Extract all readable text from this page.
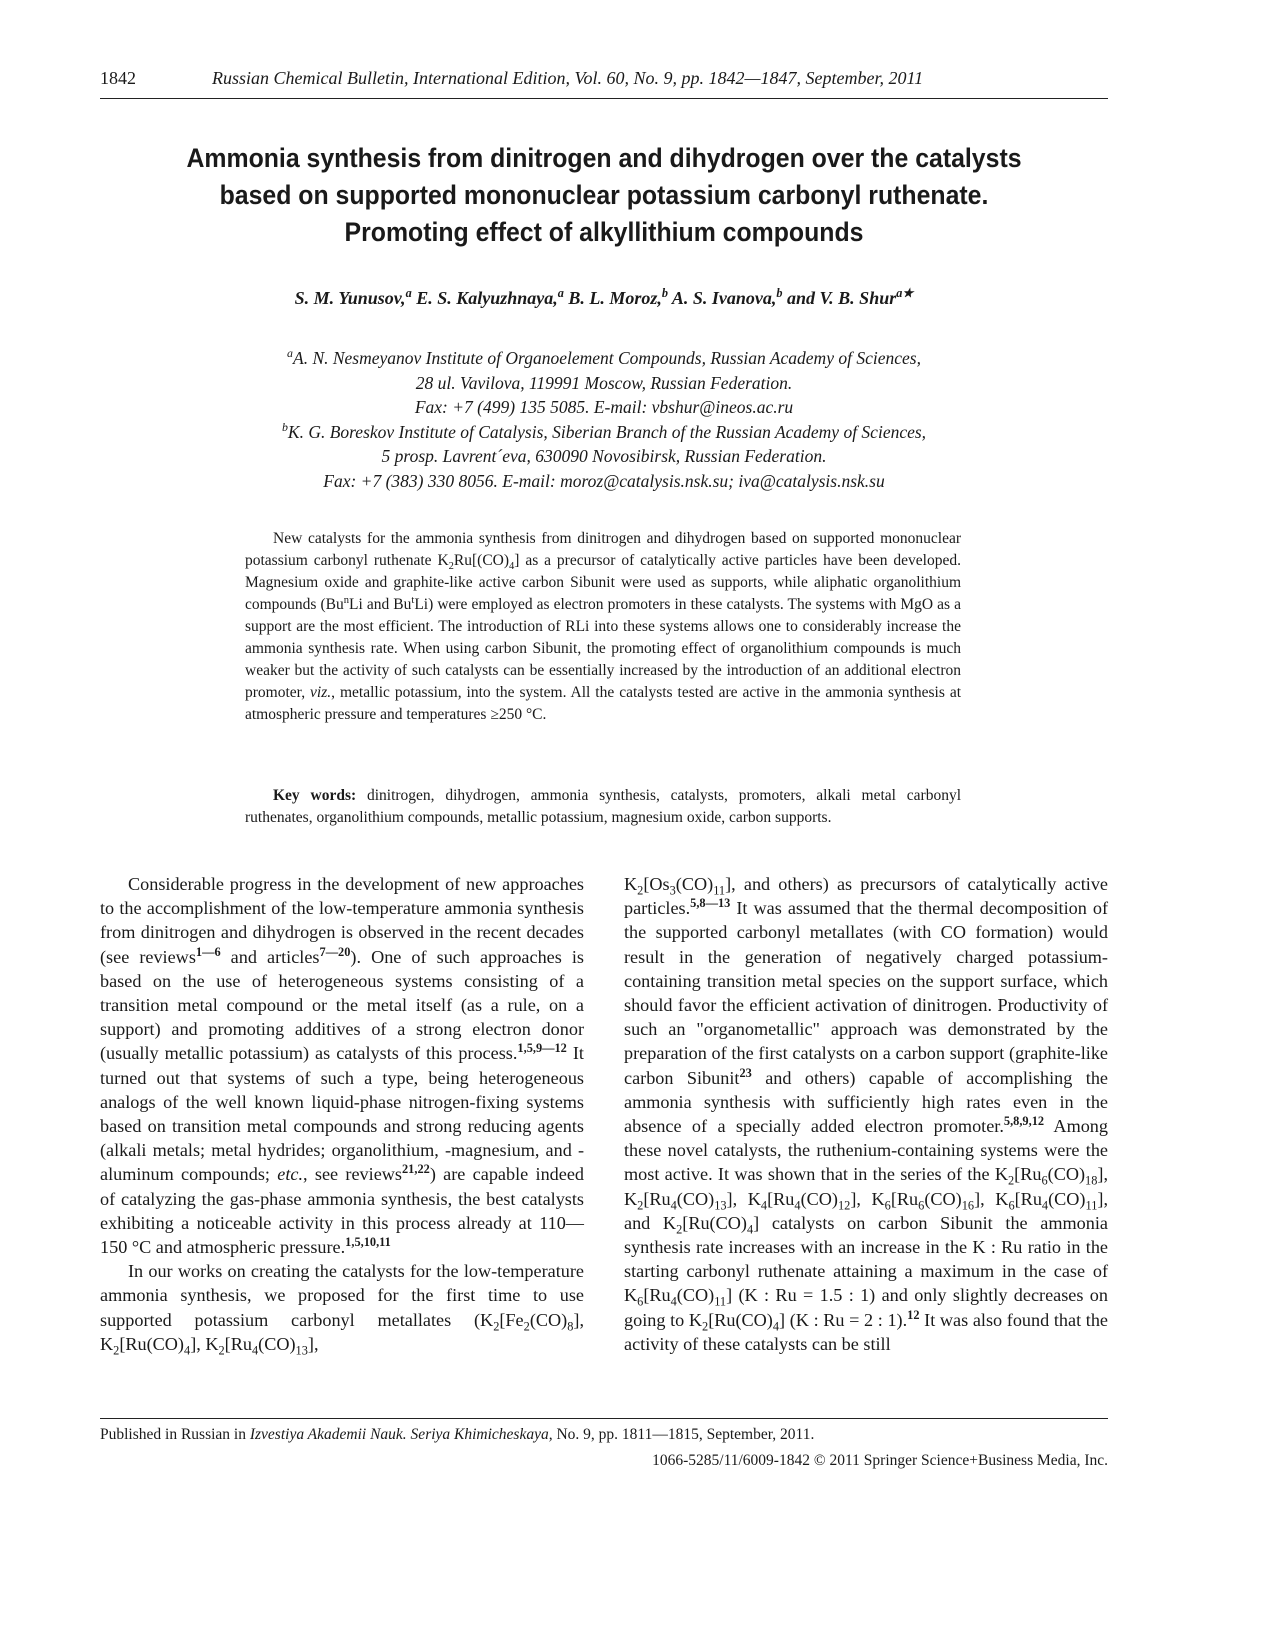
1842	Russian Chemical Bulletin, International Edition, Vol. 60, No. 9, pp. 1842—1847, September, 2011
Ammonia synthesis from dinitrogen and dihydrogen over the catalysts
based on supported mononuclear potassium carbonyl ruthenate.
Promoting effect of alkyllithium compounds
S. M. Yunusov,$^a$ E. S. Kalyuzhnaya,$^a$ B. L. Moroz,$^b$ A. S. Ivanova,$^b$ and V. B. Shur$^{a★}$
$^a$A. N. Nesmeyanov Institute of Organoelement Compounds, Russian Academy of Sciences,
28 ul. Vavilova, 119991 Moscow, Russian Federation.
Fax: +7 (499) 135 5085. E-mail: vbshur@ineos.ac.ru
$^b$K. G. Boreskov Institute of Catalysis, Siberian Branch of the Russian Academy of Sciences,
5 prosp. Lavrent´eva, 630090 Novosibirsk, Russian Federation.
Fax: +7 (383) 330 8056. E-mail: moroz@catalysis.nsk.su; iva@catalysis.nsk.su

New catalysts for the ammonia synthesis from dinitrogen and dihydrogen based on supported mononuclear potassium carbonyl ruthenate $K_2Ru[(CO)_4]$ as a precursor of catalytically active particles have been developed. Magnesium oxide and graphite-like active carbon Sibunit were used as supports, while aliphatic organolithium compounds (Bu$^n$Li and Bu$^t$Li) were employed as electron promoters in these catalysts. The systems with MgO as a support are the most efficient. The introduction of RLi into these systems allows one to considerably increase the ammonia synthesis rate. When using carbon Sibunit, the promoting effect of organolithium compounds is much weaker but the activity of such catalysts can be essentially increased by the introduction of an additional electron promoter, viz., metallic potassium, into the system. All the catalysts tested are active in the ammonia synthesis at atmospheric pressure and temperatures ≥250 °C.

Key words: dinitrogen, dihydrogen, ammonia synthesis, catalysts, promoters, alkali metal carbonyl ruthenates, organolithium compounds, metallic potassium, magnesium oxide, carbon supports.

Considerable progress in the development of new approaches to the accomplishment of the low-temperature ammonia synthesis from dinitrogen and dihydrogen is observed in the recent decades (see reviews$^{1—6}$ and articles$^{7—20}$). One of such approaches is based on the use of heterogeneous systems consisting of a transition metal compound or the metal itself (as a rule, on a support) and promoting additives of a strong electron donor (usually metallic potassium) as catalysts of this process.$^{1,5,9—12}$ It turned out that systems of such a type, being heterogeneous analogs of the well known liquid-phase nitrogen-fixing systems based on transition metal compounds and strong reducing agents (alkali metals; metal hydrides; organolithium, -magnesium, and -aluminum compounds; etc., see reviews$^{21,22}$) are capable indeed of catalyzing the gas-phase ammonia synthesis, the best catalysts exhibiting a noticeable activity in this process already at 110—150 °C and atmospheric pressure.$^{1,5,10,11}$

In our works on creating the catalysts for the low-temperature ammonia synthesis, we proposed for the first time to use supported potassium carbonyl metallates ($K_2[Fe_2(CO)_8]$, $K_2[Ru(CO)_4]$, $K_2[Ru_4(CO)_{13}]$,

$K_2[Os_3(CO)_{11}]$, and others) as precursors of catalytically active particles.$^{5,8—13}$ It was assumed that the thermal decomposition of the supported carbonyl metallates (with CO formation) would result in the generation of negatively charged potassium-containing transition metal species on the support surface, which should favor the efficient activation of dinitrogen. Productivity of such an "organometallic" approach was demonstrated by the preparation of the first catalysts on a carbon support (graphite-like carbon Sibunit$^{23}$ and others) capable of accomplishing the ammonia synthesis with sufficiently high rates even in the absence of a specially added electron promoter.$^{5,8,9,12}$ Among these novel catalysts, the ruthenium-containing systems were the most active. It was shown that in the series of the $K_2[Ru_6(CO)_{18}]$, $K_2[Ru_4(CO)_{13}]$, $K_4[Ru_4(CO)_{12}]$, $K_6[Ru_6(CO)_{16}]$, $K_6[Ru_4(CO)_{11}]$, and $K_2[Ru(CO)_4]$ catalysts on carbon Sibunit the ammonia synthesis rate increases with an increase in the K : Ru ratio in the starting carbonyl ruthenate attaining a maximum in the case of $K_6[Ru_4(CO)_{11}]$ (K : Ru = 1.5 : 1) and only slightly decreases on going to $K_2[Ru(CO)_4]$ (K : Ru = 2 : 1).$^{12}$ It was also found that the activity of these catalysts can be still

Published in Russian in Izvestiya Akademii Nauk. Seriya Khimicheskaya, No. 9, pp. 1811—1815, September, 2011.
1066-5285/11/6009-1842 © 2011 Springer Science+Business Media, Inc.
